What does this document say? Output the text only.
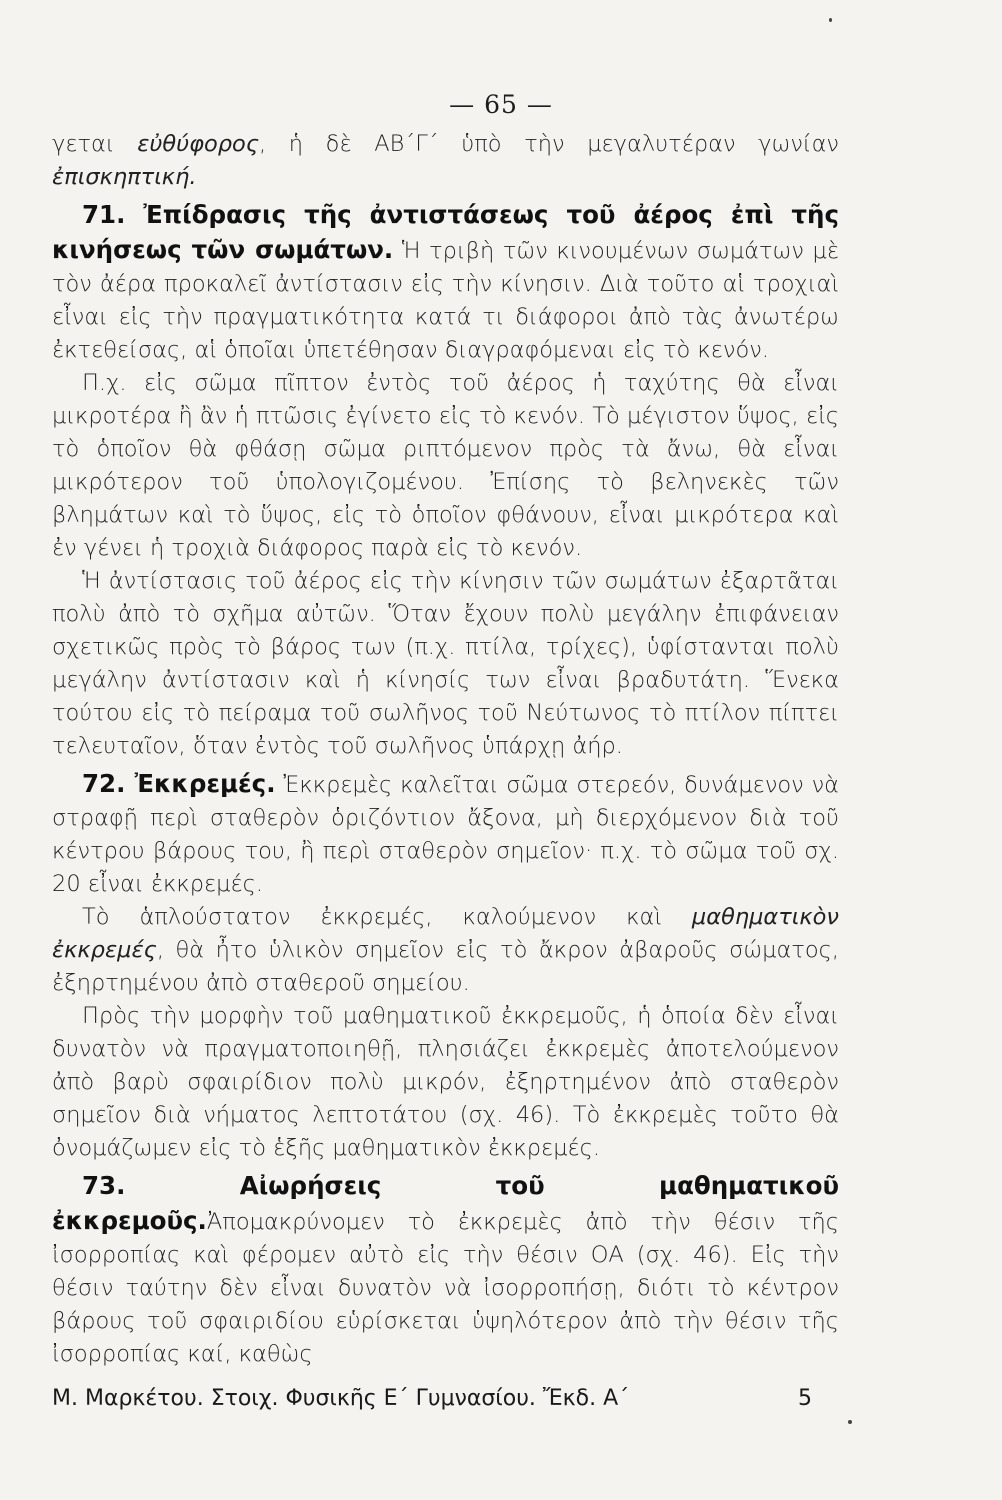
— 65 —

γεται εὐθύφορος, ἡ δὲ ΑΒ΄Γ΄ ὑπὸ τὴν μεγαλυτέραν γωνίαν ἐπισκηπτική.

71. Ἐπίδρασις τῆς ἀντιστάσεως τοῦ ἀέρος ἐπὶ τῆς κινήσεως τῶν σωμάτων. Ἡ τριβὴ τῶν κινουμένων σωμάτων μὲ τὸν ἀέρα προκαλεῖ ἀντίστασιν εἰς τὴν κίνησιν. Διὰ τοῦτο αἱ τροχιαὶ εἶναι εἰς τὴν πραγματικότητα κατά τι διάφοροι ἀπὸ τὰς ἀνωτέρω ἐκτεθείσας, αἱ ὁποῖαι ὑπετέθησαν διαγραφόμεναι εἰς τὸ κενόν.

Π.χ. εἰς σῶμα πῖπτον ἐντὸς τοῦ ἀέρος ἡ ταχύτης θὰ εἶναι μικροτέρα ἢ ἂν ἡ πτῶσις ἐγίνετο εἰς τὸ κενόν. Τὸ μέγιστον ὕψος, εἰς τὸ ὁποῖον θὰ φθάσῃ σῶμα ριπτόμενον πρὸς τὰ ἄνω, θὰ εἶναι μικρότερον τοῦ ὑπολογιζομένου. Ἐπίσης τὸ βεληνεκὲς τῶν βλημάτων καὶ τὸ ὕψος, εἰς τὸ ὁποῖον φθάνουν, εἶναι μικρότερα καὶ ἐν γένει ἡ τροχιὰ διάφορος παρὰ εἰς τὸ κενόν.

Ἡ ἀντίστασις τοῦ ἀέρος εἰς τὴν κίνησιν τῶν σωμάτων ἐξαρτᾶται πολὺ ἀπὸ τὸ σχῆμα αὐτῶν. Ὅταν ἔχουν πολὺ μεγάλην ἐπιφάνειαν σχετικῶς πρὸς τὸ βάρος των (π.χ. πτίλα, τρίχες), ὑφίστανται πολὺ μεγάλην ἀντίστασιν καὶ ἡ κίνησίς των εἶναι βραδυτάτη. Ἕνεκα τούτου εἰς τὸ πείραμα τοῦ σωλῆνος τοῦ Νεύτωνος τὸ πτίλον πίπτει τελευταῖον, ὅταν ἐντὸς τοῦ σωλῆνος ὑπάρχῃ ἀήρ.

72. Ἐκκρεμές. Ἐκκρεμὲς καλεῖται σῶμα στερεόν, δυνάμενον νὰ στραφῇ περὶ σταθερὸν ὁριζόντιον ἄξονα, μὴ διερχόμενον διὰ τοῦ κέντρου βάρους του, ἢ περὶ σταθερὸν σημεῖον· π.χ. τὸ σῶμα τοῦ σχ. 20 εἶναι ἐκκρεμές.

Τὸ ἁπλούστατον ἐκκρεμές, καλούμενον καὶ μαθηματικὸν ἐκκρεμές, θὰ ἦτο ὑλικὸν σημεῖον εἰς τὸ ἄκρον ἀβαροῦς σώματος, ἐξηρτημένου ἀπὸ σταθεροῦ σημείου.

Πρὸς τὴν μορφὴν τοῦ μαθηματικοῦ ἐκκρεμοῦς, ἡ ὁποία δὲν εἶναι δυνατὸν νὰ πραγματοποιηθῇ, πλησιάζει ἐκκρεμὲς ἀποτελούμενον ἀπὸ βαρὺ σφαιρίδιον πολὺ μικρόν, ἐξηρτημένον ἀπὸ σταθερὸν σημεῖον διὰ νήματος λεπτοτάτου (σχ. 46). Τὸ ἐκκρεμὲς τοῦτο θὰ ὀνομάζωμεν εἰς τὸ ἑξῆς μαθηματικὸν ἐκκρεμές.

73. Αἰωρήσεις τοῦ μαθηματικοῦ ἐκκρεμοῦς.Ἀπομακρύνομεν τὸ ἐκκρεμὲς ἀπὸ τὴν θέσιν τῆς ἰσορροπίας καὶ φέρομεν αὐτὸ εἰς τὴν θέσιν ΟΑ (σχ. 46). Εἰς τὴν θέσιν ταύτην δὲν εἶναι δυνατὸν νὰ ἰσορροπήσῃ, διότι τὸ κέντρον βάρους τοῦ σφαιριδίου εὑρίσκεται ὑψηλότερον ἀπὸ τὴν θέσιν τῆς ἰσορροπίας καί, καθὼς

Μ. Μαρκέτου. Στοιχ. Φυσικῆς Ε΄ Γυμνασίου. Ἔκδ. Α΄	5
